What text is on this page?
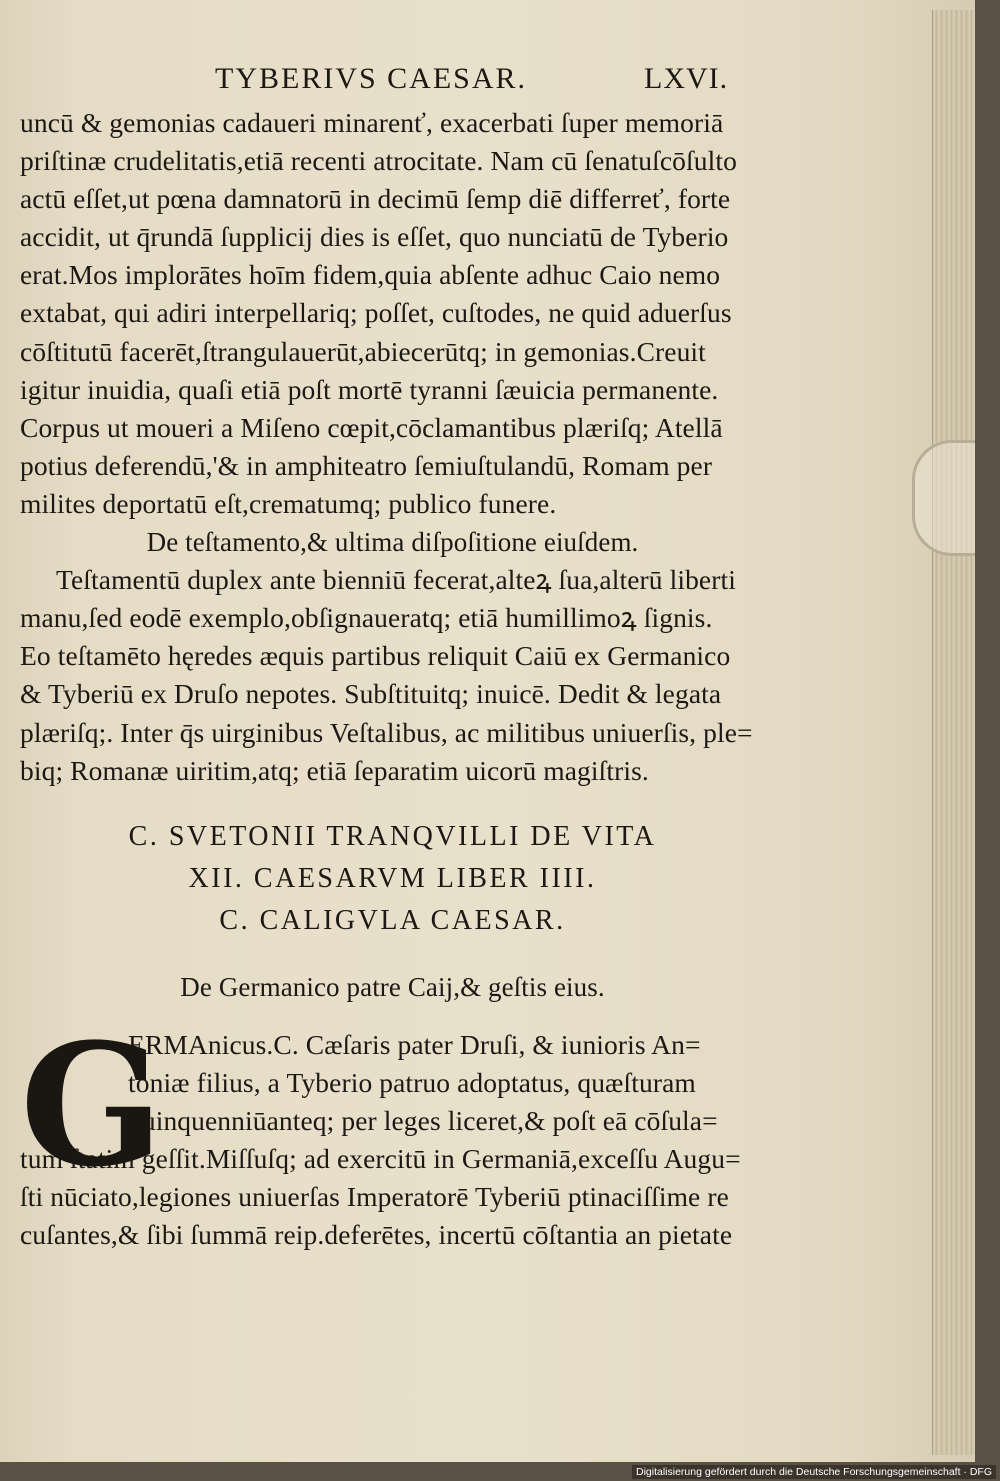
TYBERIVS CAESAR.	LXVI.
uncū & gemonias cadaueri minarenť, exacerbati ſuper memoriā
priſtinæ crudelitatis,etiā recenti atrocitate. Nam cū ſenatuſcōſulto
actū eſſet,ut pœna damnatorū in decimū ſemp diē differreť, forte
accidit, ut q̄rundā ſupplicij dies is eſſet, quo nunciatū de Tyberio
erat.Mos implorātes hoīm fidem,quia abſente adhuc Caio nemo
extabat, qui adiri interpellariq; poſſet, cuſtodes, ne quid aduerſus
cōſtitutū facerēt,ſtrangulauerūt,abiecerūtq; in gemonias.Creuit
igitur inuidia, quaſi etiā poſt mortē tyranni ſæuicia permanente.
Corpus ut moueri a Miſeno cœpit,cōclamantibus plæriſq; Atellā
potius deferendū,'& in amphiteatro ſemiuſtulandū, Romam per
milites deportatū eſt,crematumq; publico funere.
De teſtamento,& ultima diſpoſitione eiuſdem.
Teſtamentū duplex ante bienniū fecerat,alteꝝ ſua,alterū liberti
manu,ſed eodē exemplo,obſignaueratq; etiā humillimoꝝ ſignis.
Eo teſtamēto hęredes æquis partibus reliquit Caiū ex Germanico
& Tyberiū ex Druſo nepotes. Subſtituitq; inuicē. Dedit & legata
plæriſq;. Inter q̄s uirginibus Veſtalibus, ac militibus uniuerſis, ple=
biq; Romanæ uiritim,atq; etiā ſeparatim uicorū magiſtris.
C. SVETONII TRANQVILLI DE VITA
XII. CAESARVM LIBER IIII.
C. CALIGVLA CAESAR.
De Germanico patre Caij,& geſtis eius.
G
ERMAnicus.C. Cæſaris pater Druſi, & iunioris An=
toniæ filius, a Tyberio patruo adoptatus, quæſturam
quinquenniūanteq; per leges liceret,& poſt eā cōſula=
tum ſtatim geſſit.Miſſuſq; ad exercitū in Germaniā,exceſſu Augu=
ſti nūciato,legiones uniuerſas Imperatorē Tyberiū ptinaciſſime re
cuſantes,& ſibi ſummā reip.deferētes, incertū cōſtantia an pietate
Digitalisierung gefördert durch die Deutsche Forschungsgemeinschaft · DFG
